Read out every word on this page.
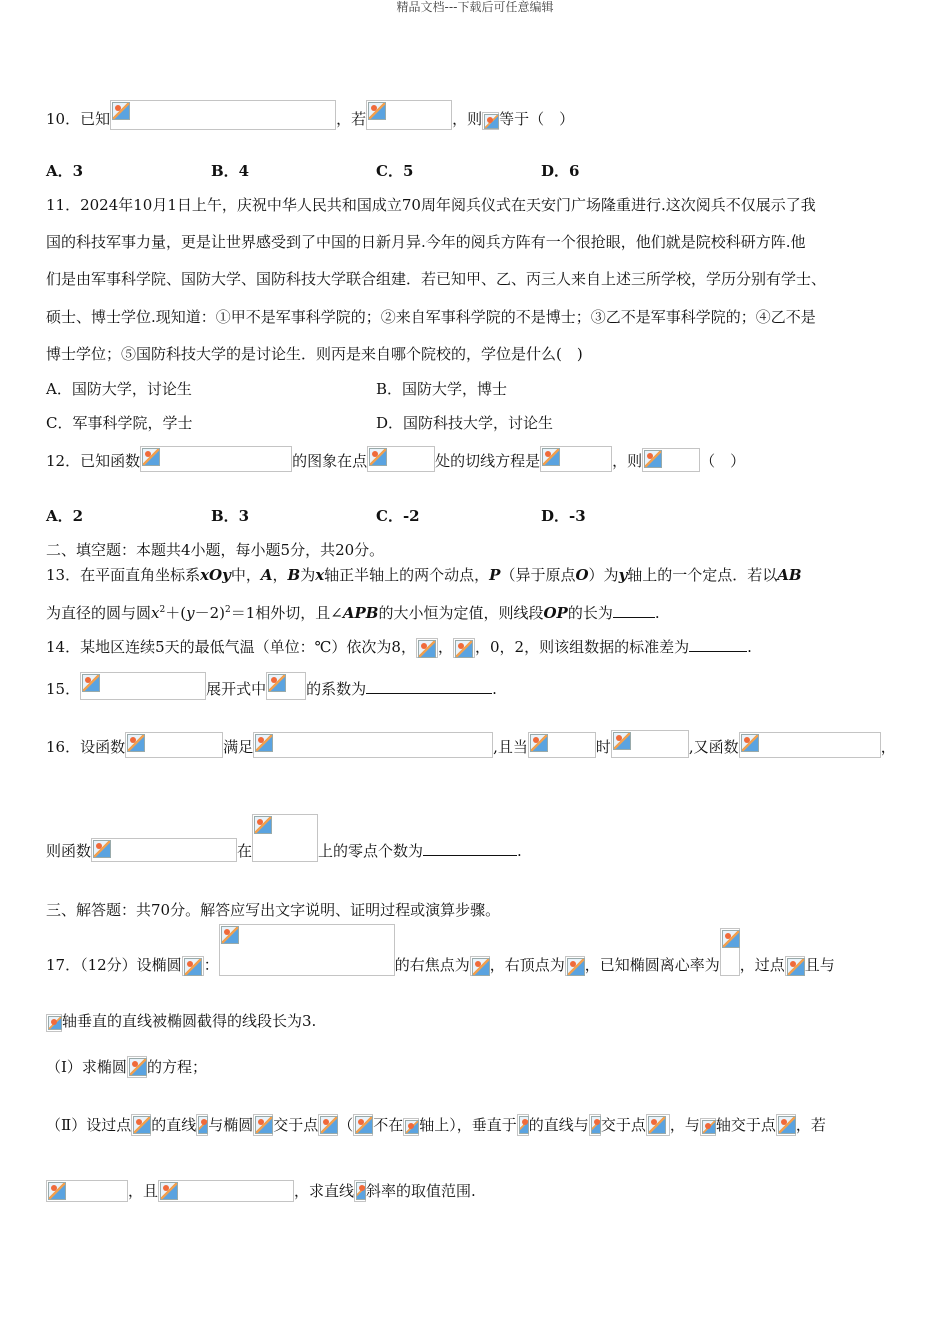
精品文档---下载后可任意编辑
10．已知	，若	，则 等于（　）
A．3	B．4	C．5	D．6
11．2024年10月1日上午，庆祝中华人民共和国成立70周年阅兵仪式在天安门广场隆重进行.这次阅兵不仅展示了我
国的科技军事力量，更是让世界感受到了中国的日新月异.今年的阅兵方阵有一个很抢眼，他们就是院校科研方阵.他
们是由军事科学院、国防大学、国防科技大学联合组建．若已知甲、乙、丙三人来自上述三所学校，学历分别有学士、
硕士、博士学位.现知道：①甲不是军事科学院的；②来自军事科学院的不是博士；③乙不是军事科学院的；④乙不是
博士学位；⑤国防科技大学的是讨论生．则丙是来自哪个院校的，学位是什么(　)
A．国防大学，讨论生	B．国防大学，博士
C．军事科学院，学士	D．国防科技大学，讨论生
12．已知函数	的图象在点	处的切线方程是	，则	（　）
A．2	B．3	C．-2	D．-3
二、填空题：本题共4小题，每小题5分，共20分。
13．在平面直角坐标系xOy中，A，B为x轴正半轴上的两个动点，P（异于原点O）为y轴上的一个定点．若以AB
为直径的圆与圆$x^2+(y-2)^2=1$相外切，且∠APB的大小恒为定值，则线段OP的长为	.
14．某地区连续5天的最低气温（单位：℃）依次为8， ， ，0，2，则该组数据的标准差为	.
15．	展开式中	的系数为	.
16．设函数	满足	,且当	时	,又函数	，
则函数	在	上的零点个数为	.
三、解答题：共70分。解答应写出文字说明、证明过程或演算步骤。
17．（12分）设椭圆 ：	的右焦点为 ，右顶点为 ，已知椭圆离心率为 ，过点 且与
轴垂直的直线被椭圆截得的线段长为3.
（Ⅰ）求椭圆 的方程；
（Ⅱ）设过点 的直线 与椭圆 交于点 （ 不在 轴上），垂直于 的直线与 交于点 ，与 轴交于点 ，若
，且	，求直线 斜率的取值范围.
